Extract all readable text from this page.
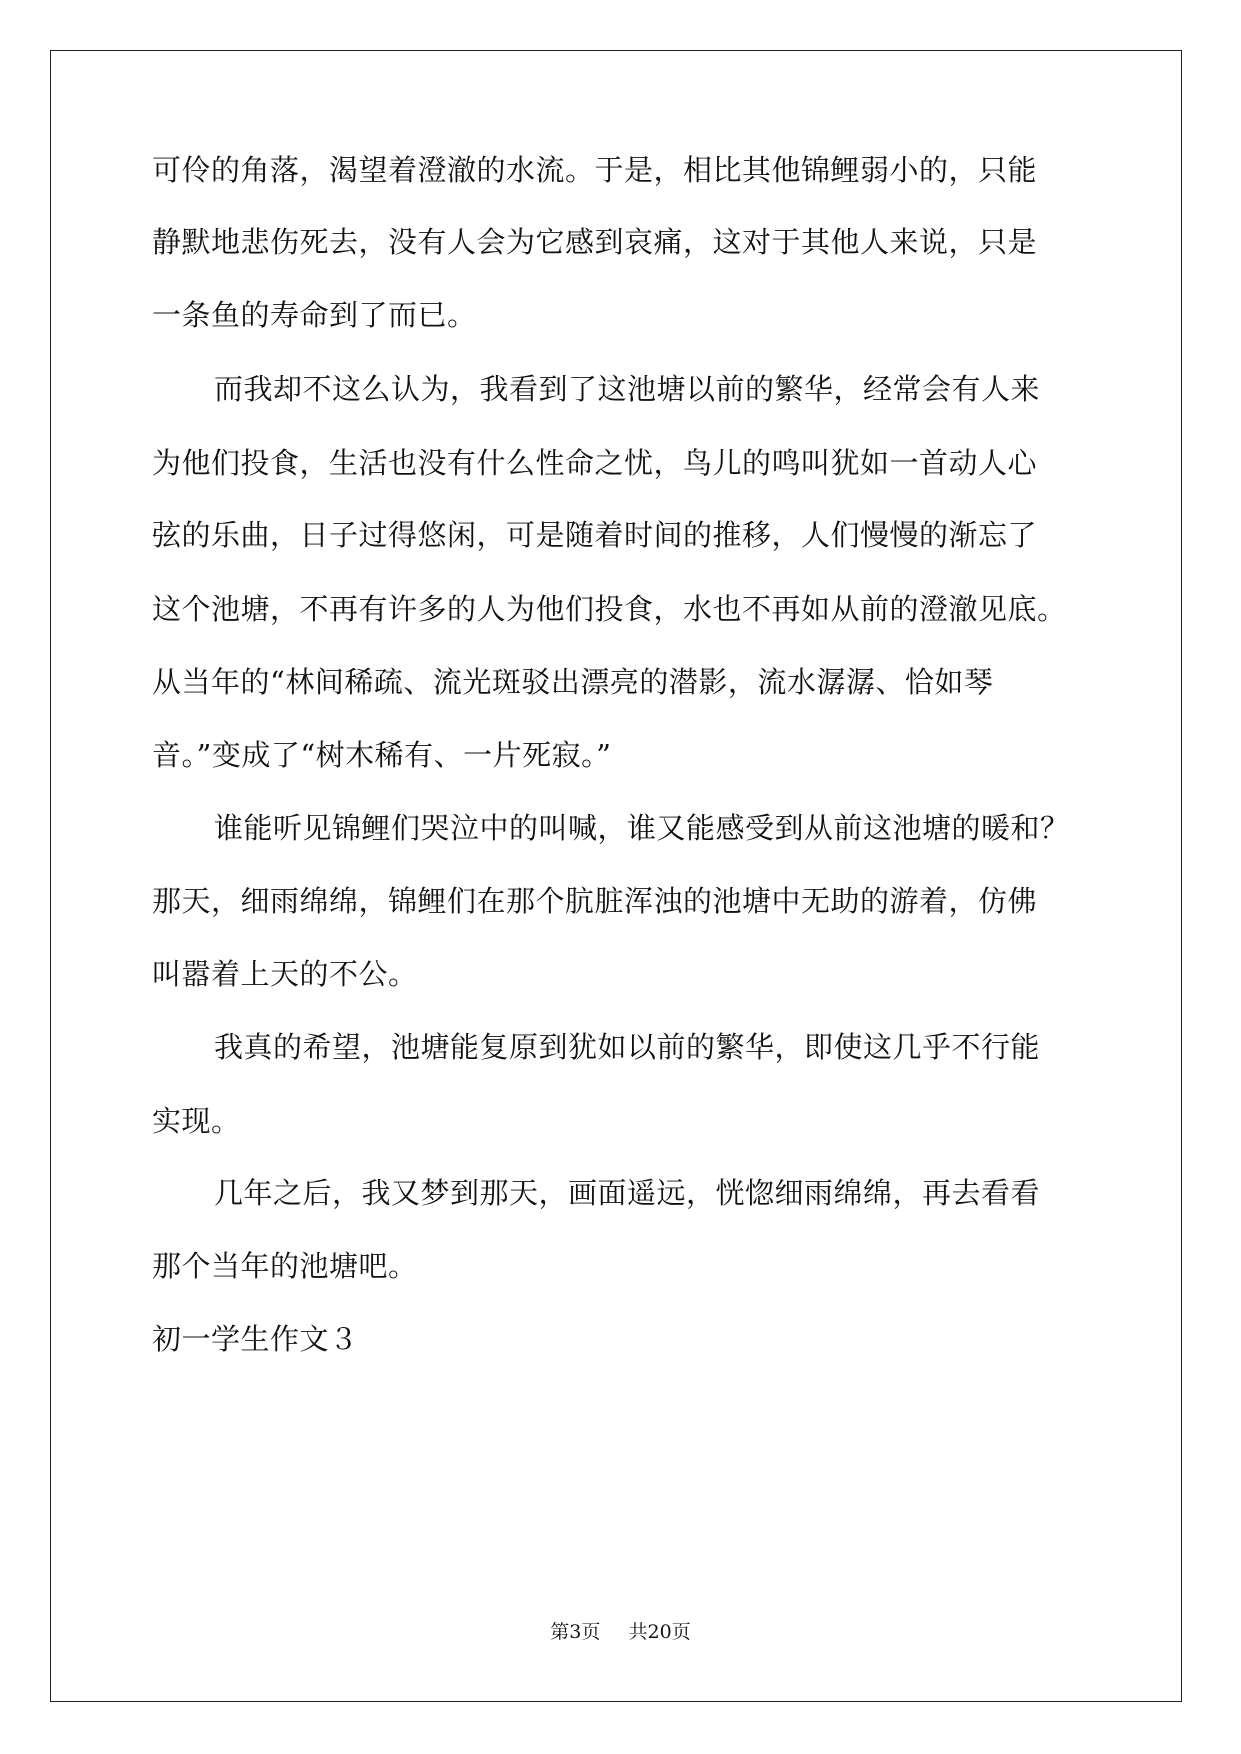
可伶的角落，渴望着澄澈的水流。于是，相比其他锦鲤弱小的，只能
静默地悲伤死去，没有人会为它感到哀痛，这对于其他人来说，只是
一条鱼的寿命到了而已。
而我却不这么认为，我看到了这池塘以前的繁华，经常会有人来
为他们投食，生活也没有什么性命之忧，鸟儿的鸣叫犹如一首动人心
弦的乐曲，日子过得悠闲，可是随着时间的推移，人们慢慢的渐忘了
这个池塘，不再有许多的人为他们投食，水也不再如从前的澄澈见底。
从当年的“林间稀疏、流光斑驳出漂亮的潜影，流水潺潺、恰如琴
音。”变成了“树木稀有、一片死寂。”
谁能听见锦鲤们哭泣中的叫喊，谁又能感受到从前这池塘的暖和？
那天，细雨绵绵，锦鲤们在那个肮脏浑浊的池塘中无助的游着，仿佛
叫嚣着上天的不公。
我真的希望，池塘能复原到犹如以前的繁华，即使这几乎不行能
实现。
几年之后，我又梦到那天，画面遥远，恍惚细雨绵绵，再去看看
那个当年的池塘吧。
初一学生作文３
第3页 共20页
